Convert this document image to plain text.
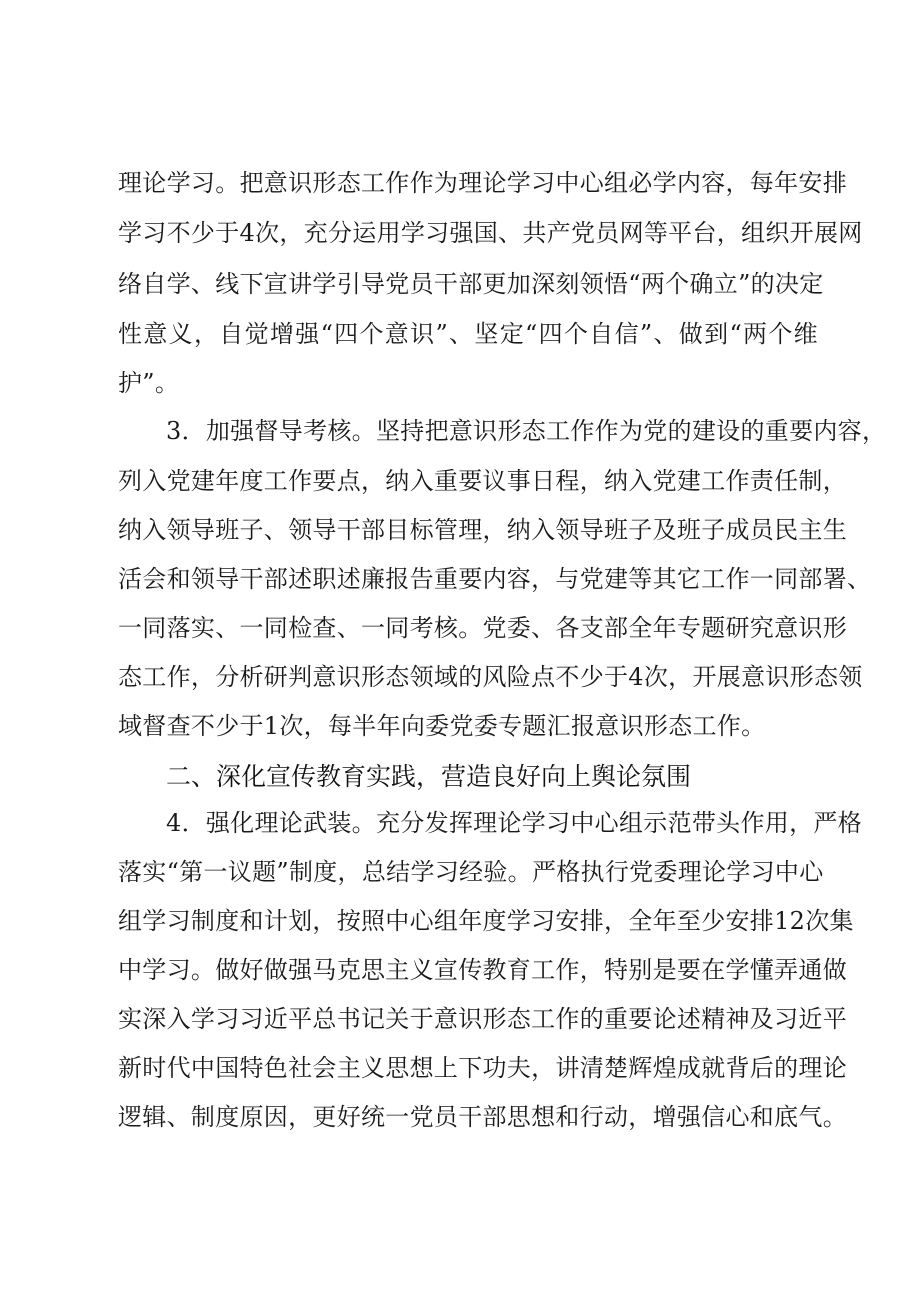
理论学习。把意识形态工作作为理论学习中心组必学内容，每年安排
学习不少于4次，充分运用学习强国、共产党员网等平台，组织开展网
络自学、线下宣讲学引导党员干部更加深刻领悟“两个确立”的决定
性意义，自觉增强“四个意识”、坚定“四个自信”、做到“两个维
护”。
3．加强督导考核。坚持把意识形态工作作为党的建设的重要内容，
列入党建年度工作要点，纳入重要议事日程，纳入党建工作责任制，
纳入领导班子、领导干部目标管理，纳入领导班子及班子成员民主生
活会和领导干部述职述廉报告重要内容，与党建等其它工作一同部署、
一同落实、一同检查、一同考核。党委、各支部全年专题研究意识形
态工作，分析研判意识形态领域的风险点不少于4次，开展意识形态领
域督查不少于1次，每半年向委党委专题汇报意识形态工作。
二、深化宣传教育实践，营造良好向上舆论氛围
4．强化理论武装。充分发挥理论学习中心组示范带头作用，严格
落实“第一议题”制度，总结学习经验。严格执行党委理论学习中心
组学习制度和计划，按照中心组年度学习安排，全年至少安排12次集
中学习。做好做强马克思主义宣传教育工作，特别是要在学懂弄通做
实深入学习习近平总书记关于意识形态工作的重要论述精神及习近平
新时代中国特色社会主义思想上下功夫，讲清楚辉煌成就背后的理论
逻辑、制度原因，更好统一党员干部思想和行动，增强信心和底气。
